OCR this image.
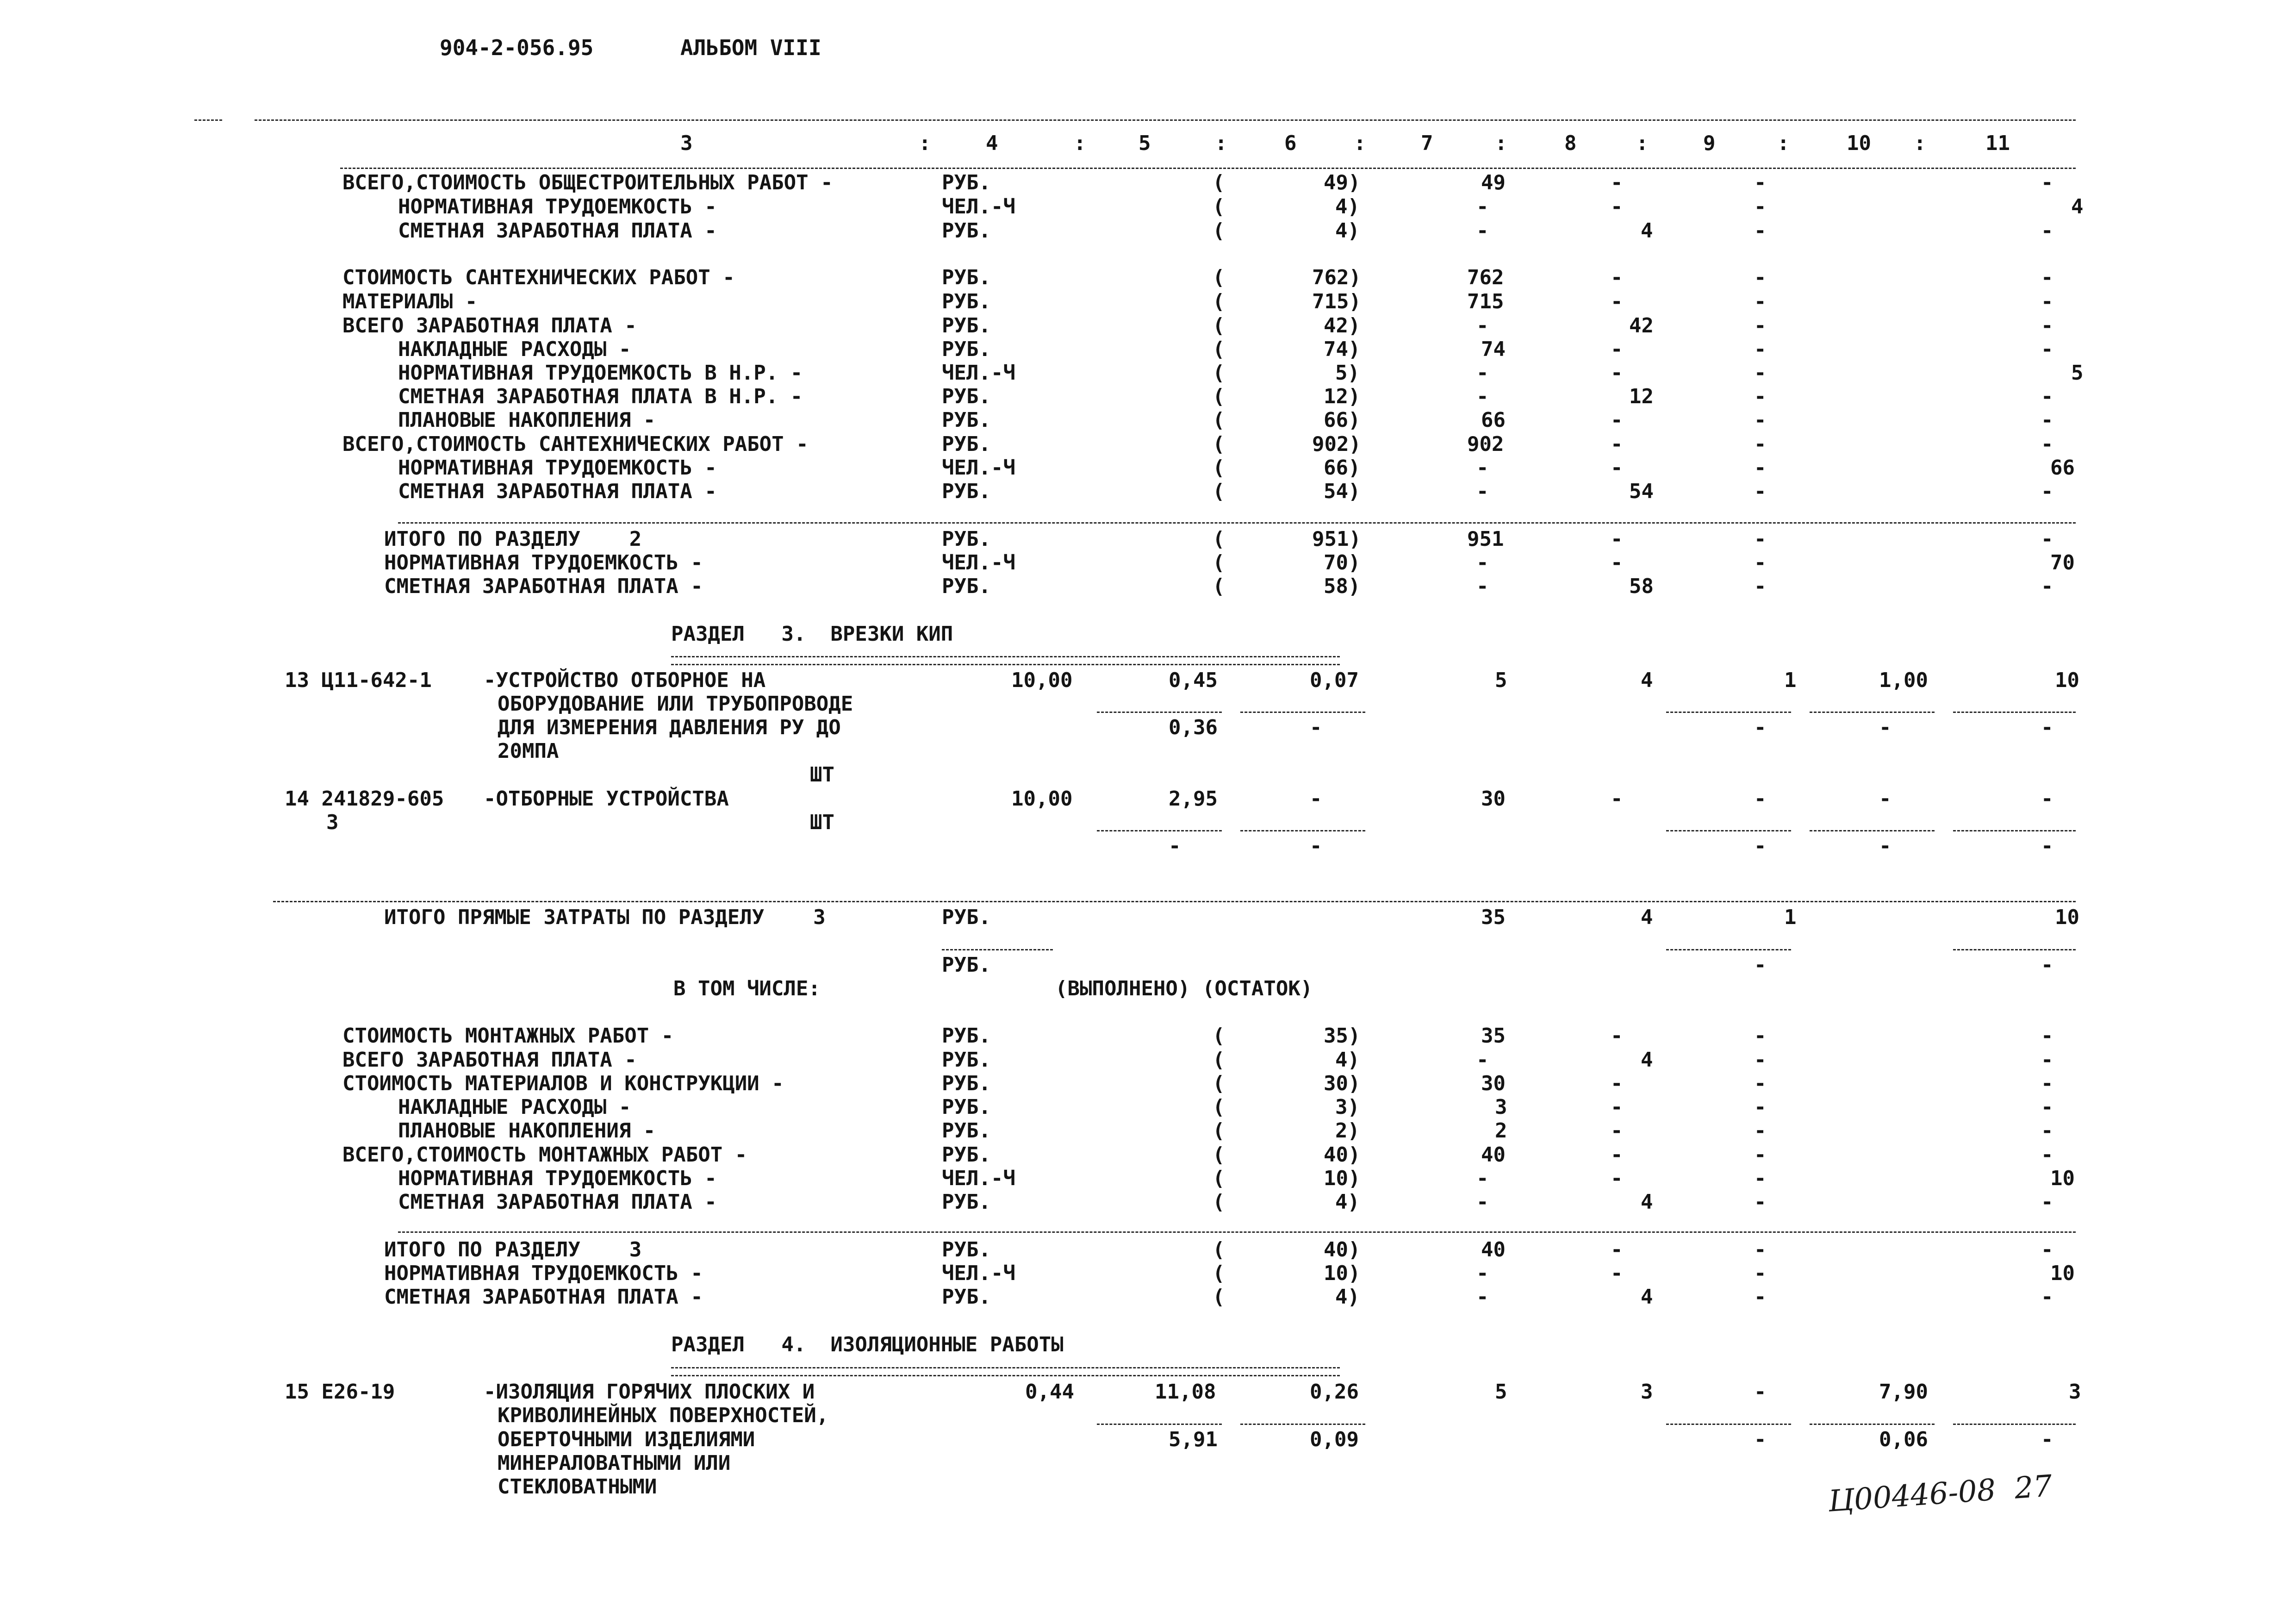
904-2-056.95	АЛЬБОМ VIII
3	:	4	:	5	:	6	:	7	:	8	:	9	:	10 :	11
ВСЕГО,СТОИМОСТЬ ОБЩЕСТРОИТЕЛЬНЫХ РАБОТ -	РУБ.	(	49)	49	-	-	-
НОРМАТИВНАЯ ТРУДОЕМКОСТЬ -	ЧЕЛ.-Ч	(	4)	-	-	-	4
СМЕТНАЯ ЗАРАБОТНАЯ ПЛАТА -	РУБ.	(	4)	-	4	-	-
СТОИМОСТЬ САНТЕХНИЧЕСКИХ РАБОТ -	РУБ.	(	762)	762	-	-	-
МАТЕРИАЛЫ -	РУБ.	(	715)	715	-	-	-
ВСЕГО ЗАРАБОТНАЯ ПЛАТА -	РУБ.	(	42)	-	42	-	-
НАКЛАДНЫЕ РАСХОДЫ -	РУБ.	(	74)	74	-	-	-
НОРМАТИВНАЯ ТРУДОЕМКОСТЬ В Н.Р. -	ЧЕЛ.-Ч	(	5)	-	-	-	5
СМЕТНАЯ ЗАРАБОТНАЯ ПЛАТА В Н.Р. -	РУБ.	(	12)	-	12	-	-
ПЛАНОВЫЕ НАКОПЛЕНИЯ -	РУБ.	(	66)	66	-	-	-
ВСЕГО,СТОИМОСТЬ САНТЕХНИЧЕСКИХ РАБОТ -	РУБ.	(	902)	902	-	-	-
НОРМАТИВНАЯ ТРУДОЕМКОСТЬ -	ЧЕЛ.-Ч	(	66)	-	-	-	66
СМЕТНАЯ ЗАРАБОТНАЯ ПЛАТА -	РУБ.	(	54)	-	54	-	-
ИТОГО ПО РАЗДЕЛУ    2	РУБ.	(	951)	951	-	-	-
НОРМАТИВНАЯ ТРУДОЕМКОСТЬ -	ЧЕЛ.-Ч	(	70)	-	-	-	70
СМЕТНАЯ ЗАРАБОТНАЯ ПЛАТА -	РУБ.	(	58)	-	58	-	-
РАЗДЕЛ   3.  ВРЕЗКИ КИП
13 Ц11-642-1	-УСТРОЙСТВО ОТБОРНОЕ НА	10,00	0,45	0,07	5	4	1	1,00	10
ОБОРУДОВАНИЕ ИЛИ ТРУБОПРОВОДЕ
ДЛЯ ИЗМЕРЕНИЯ ДАВЛЕНИЯ РУ ДО	0,36	-	-	-	-
20МПА
ШТ
14 241829-605 -ОТБОРНЫЕ УСТРОЙСТВА	10,00	2,95	-	30	-	-	-	-
3	ШТ
-	-	-	-	-
ИТОГО ПРЯМЫЕ ЗАТРАТЫ ПО РАЗДЕЛУ    3	РУБ.	35	4	1	10
РУБ.	-	-
В ТОМ ЧИСЛЕ:	(ВЫПОЛНЕНО) (ОСТАТОК)
СТОИМОСТЬ МОНТАЖНЫХ РАБОТ -	РУБ.	(	35)	35	-	-	-
ВСЕГО ЗАРАБОТНАЯ ПЛАТА -	РУБ.	(	4)	-	4	-	-
СТОИМОСТЬ МАТЕРИАЛОВ И КОНСТРУКЦИИ -	РУБ.	(	30)	30	-	-	-
НАКЛАДНЫЕ РАСХОДЫ -	РУБ.	(	3)	3	-	-	-
ПЛАНОВЫЕ НАКОПЛЕНИЯ -	РУБ.	(	2)	2	-	-	-
ВСЕГО,СТОИМОСТЬ МОНТАЖНЫХ РАБОТ -	РУБ.	(	40)	40	-	-	-
НОРМАТИВНАЯ ТРУДОЕМКОСТЬ -	ЧЕЛ.-Ч	(	10)	-	-	-	10
СМЕТНАЯ ЗАРАБОТНАЯ ПЛАТА -	РУБ.	(	4)	-	4	-	-
ИТОГО ПО РАЗДЕЛУ    3	РУБ.	(	40)	40	-	-	-
НОРМАТИВНАЯ ТРУДОЕМКОСТЬ -	ЧЕЛ.-Ч	(	10)	-	-	-	10
СМЕТНАЯ ЗАРАБОТНАЯ ПЛАТА -	РУБ.	(	4)	-	4	-	-
РАЗДЕЛ   4.  ИЗОЛЯЦИОННЫЕ РАБОТЫ
15 Е26-19	-ИЗОЛЯЦИЯ ГОРЯЧИХ ПЛОСКИХ И	0,44	11,08	0,26	5	3	-	7,90	3
КРИВОЛИНЕЙНЫХ ПОВЕРХНОСТЕЙ,
ОБЕРТОЧНЫМИ ИЗДЕЛИЯМИ	5,91	0,09	-	0,06	-
МИНЕРАЛОВАТНЫМИ ИЛИ
СТЕКЛОВАТНЫМИ	Ц00446-08  27
